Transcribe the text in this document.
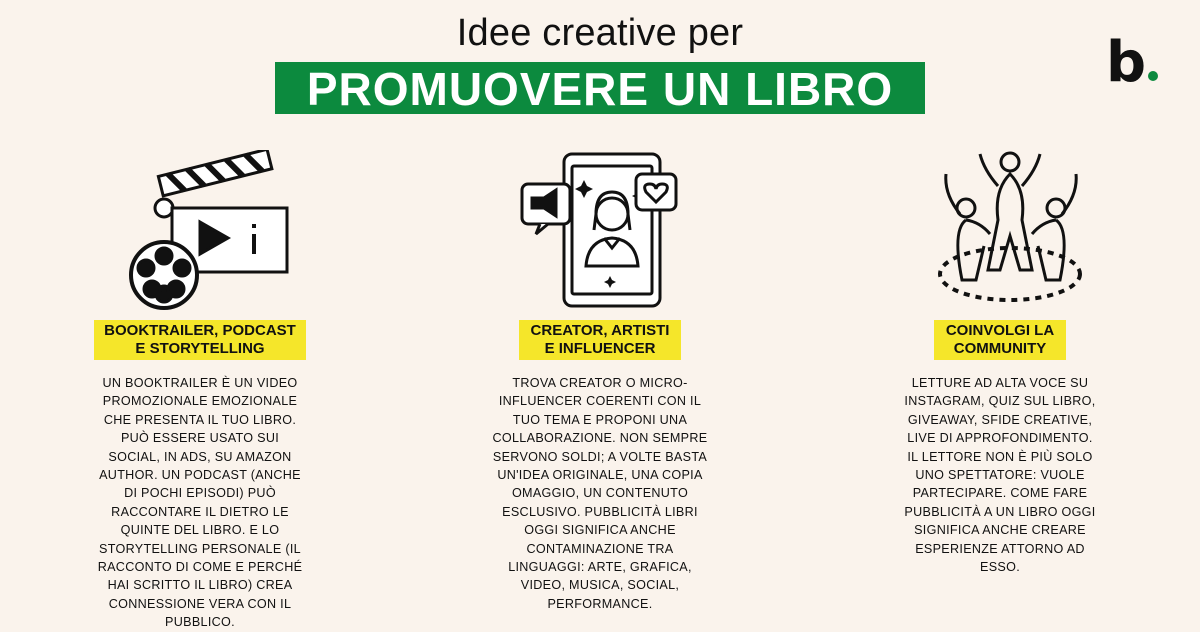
Idee creative per
PROMUOVERE UN LIBRO	b
BOOKTRAILER, PODCAST E STORYTELLING
UN BOOKTRAILER È UN VIDEO PROMOZIONALE EMOZIONALE CHE PRESENTA IL TUO LIBRO. PUÒ ESSERE USATO SUI SOCIAL, IN ADS, SU AMAZON AUTHOR. UN PODCAST (ANCHE DI POCHI EPISODI) PUÒ RACCONTARE IL DIETRO LE QUINTE DEL LIBRO. E LO STORYTELLING PERSONALE (IL RACCONTO DI COME E PERCHÉ HAI SCRITTO IL LIBRO) CREA CONNESSIONE VERA CON IL PUBBLICO.
CREATOR, ARTISTI E INFLUENCER
TROVA CREATOR O MICRO-INFLUENCER COERENTI CON IL TUO TEMA E PROPONI UNA COLLABORAZIONE. NON SEMPRE SERVONO SOLDI; A VOLTE BASTA UN'IDEA ORIGINALE, UNA COPIA OMAGGIO, UN CONTENUTO ESCLUSIVO. PUBBLICITÀ LIBRI OGGI SIGNIFICA ANCHE CONTAMINAZIONE TRA LINGUAGGI: ARTE, GRAFICA, VIDEO, MUSICA, SOCIAL, PERFORMANCE.
COINVOLGI LA COMMUNITY
LETTURE AD ALTA VOCE SU INSTAGRAM, QUIZ SUL LIBRO, GIVEAWAY, SFIDE CREATIVE, LIVE DI APPROFONDIMENTO. IL LETTORE NON È PIÙ SOLO UNO SPETTATORE: VUOLE PARTECIPARE. COME FARE PUBBLICITÀ A UN LIBRO OGGI SIGNIFICA ANCHE CREARE ESPERIENZE ATTORNO AD ESSO.
